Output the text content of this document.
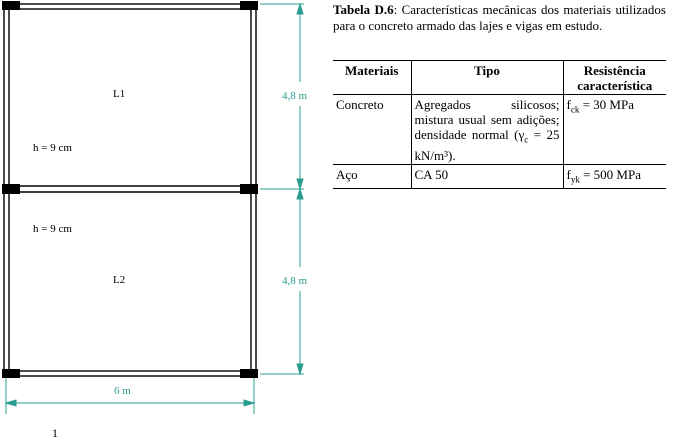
L1
h = 9 cm
h = 9 cm
L2
4,8 m
4,8 m
6 m
Tabela D.6: Características mecânicas dos materiais utilizados para o concreto armado das lajes e vigas em estudo.
Materiais	Tipo	Resistência característica
Concreto	Agregados silicosos; mistura usual sem adições; densidade normal ($\gamma_c = 25$ kN/m³).	$f_{ck} = 30$ MPa
Aço	CA 50	$f_{yk} = 500$ MPa
1
